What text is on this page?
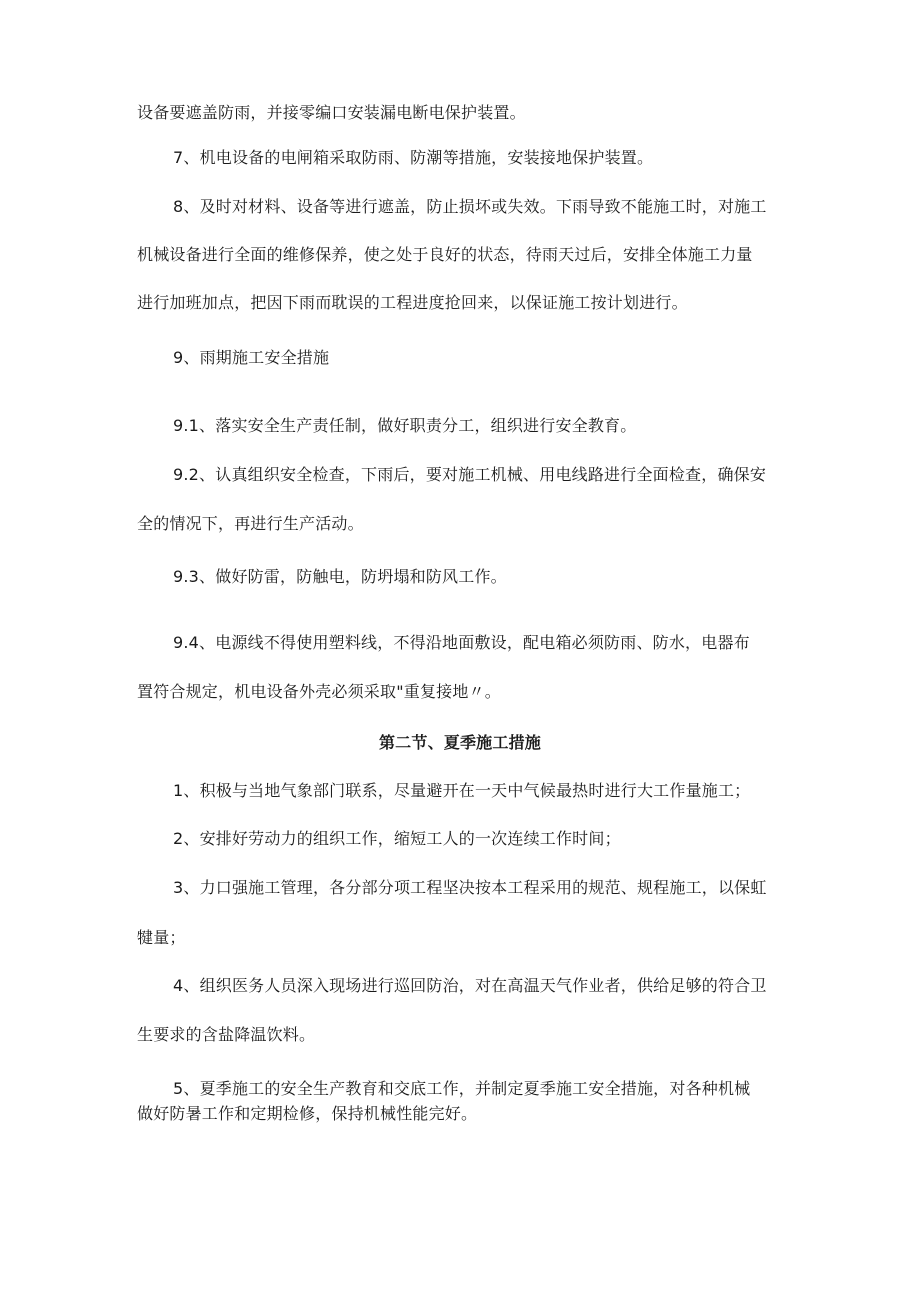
设备要遮盖防雨，并接零编口安装漏电断电保护装置。
7、机电设备的电闸箱采取防雨、防潮等措施，安装接地保护装置。
8、及时对材料、设备等进行遮盖，防止损坏或失效。下雨导致不能施工时，对施工
机械设备进行全面的维修保养，使之处于良好的状态，待雨天过后，安排全体施工力量
进行加班加点，把因下雨而耽误的工程进度抢回来，以保证施工按计划进行。
9、雨期施工安全措施
9.1、落实安全生产责任制，做好职责分工，组织进行安全教育。
9.2、认真组织安全检查，下雨后，要对施工机械、用电线路进行全面检查，确保安
全的情况下，再进行生产活动。
9.3、做好防雷，防触电，防坍塌和防风工作。
9.4、电源线不得使用塑料线，不得沿地面敷设，配电箱必须防雨、防水，电器布
置符合规定，机电设备外壳必须采取"重复接地〃。
第二节、夏季施工措施
1、积极与当地气象部门联系，尽量避开在一天中气候最热时进行大工作量施工；
2、安排好劳动力的组织工作，缩短工人的一次连续工作时间；
3、力口强施工管理，各分部分项工程坚决按本工程采用的规范、规程施工，以保虹
犍量；
4、组织医务人员深入现场进行巡回防治，对在高温天气作业者，供给足够的符合卫
生要求的含盐降温饮料。
5、夏季施工的安全生产教育和交底工作，并制定夏季施工安全措施，对各种机械
做好防暑工作和定期检修，保持机械性能完好。
